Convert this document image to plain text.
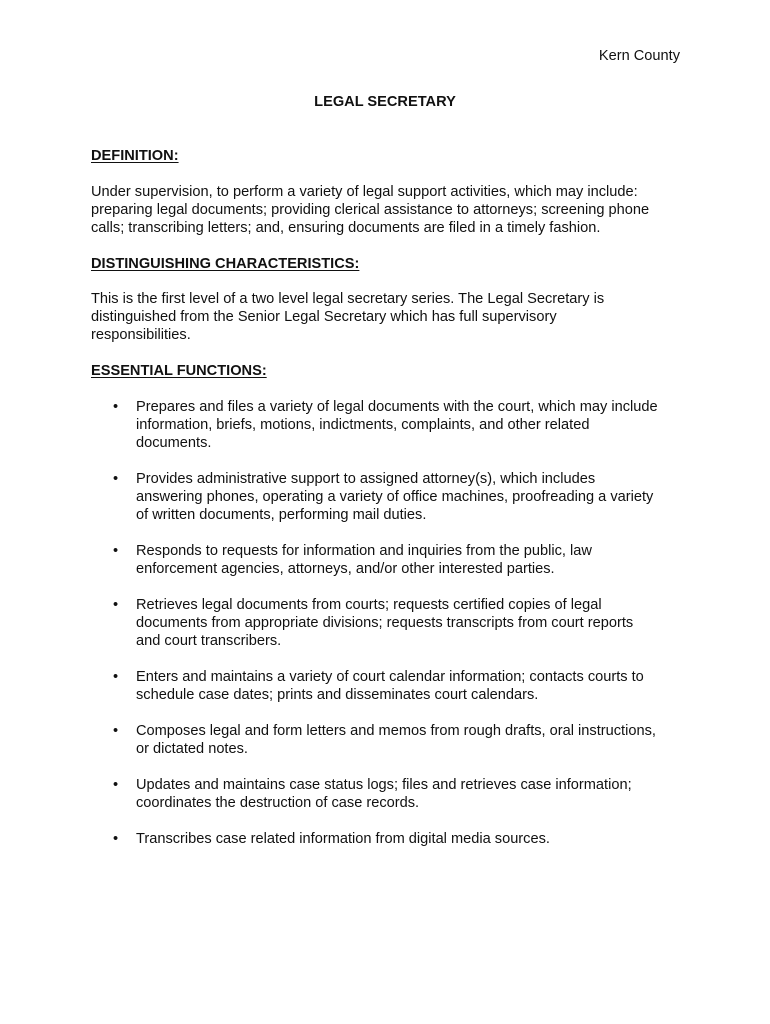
Kern County
LEGAL SECRETARY
DEFINITION:
Under supervision, to perform a variety of legal support activities, which may include:
preparing legal documents; providing clerical assistance to attorneys; screening phone
calls; transcribing letters; and, ensuring documents are filed in a timely fashion.
DISTINGUISHING CHARACTERISTICS:
This is the first level of a two level legal secretary series. The Legal Secretary is
distinguished from the Senior Legal Secretary which has full supervisory
responsibilities.
ESSENTIAL FUNCTIONS:
• Prepares and files a variety of legal documents with the court, which may include
information, briefs, motions, indictments, complaints, and other related
documents.
• Provides administrative support to assigned attorney(s), which includes
answering phones, operating a variety of office machines, proofreading a variety
of written documents, performing mail duties.
• Responds to requests for information and inquiries from the public, law
enforcement agencies, attorneys, and/or other interested parties.
• Retrieves legal documents from courts; requests certified copies of legal
documents from appropriate divisions; requests transcripts from court reports
and court transcribers.
• Enters and maintains a variety of court calendar information; contacts courts to
schedule case dates; prints and disseminates court calendars.
• Composes legal and form letters and memos from rough drafts, oral instructions,
or dictated notes.
• Updates and maintains case status logs; files and retrieves case information;
coordinates the destruction of case records.
• Transcribes case related information from digital media sources.
